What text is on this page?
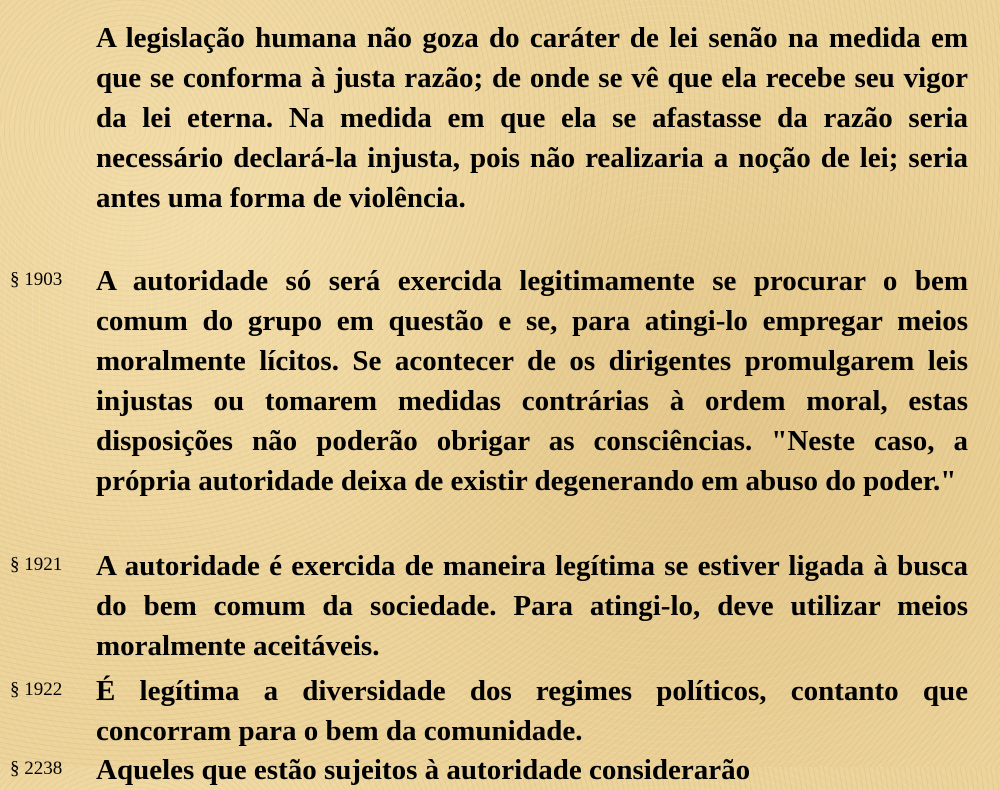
A legislação humana não goza do caráter de lei senão na medida em que se conforma à justa razão; de onde se vê que ela recebe seu vigor da lei eterna. Na medida em que ela se afastasse da razão seria necessário declará-la injusta, pois não realizaria a noção de lei; seria antes uma forma de violência.
§ 1903 A autoridade só será exercida legitimamente se procurar o bem comum do grupo em questão e se, para atingi-lo empregar meios moralmente lícitos. Se acontecer de os dirigentes promulgarem leis injustas ou tomarem medidas contrárias à ordem moral, estas disposições não poderão obrigar as consciências. "Neste caso, a própria autoridade deixa de existir degenerando em abuso do poder."
§ 1921 A autoridade é exercida de maneira legítima se estiver ligada à busca do bem comum da sociedade. Para atingi-lo, deve utilizar meios moralmente aceitáveis.
§ 1922 É legítima a diversidade dos regimes políticos, contanto que concorram para o bem da comunidade.
§ 2238 Aqueles que estão sujeitos à autoridade considerarão
